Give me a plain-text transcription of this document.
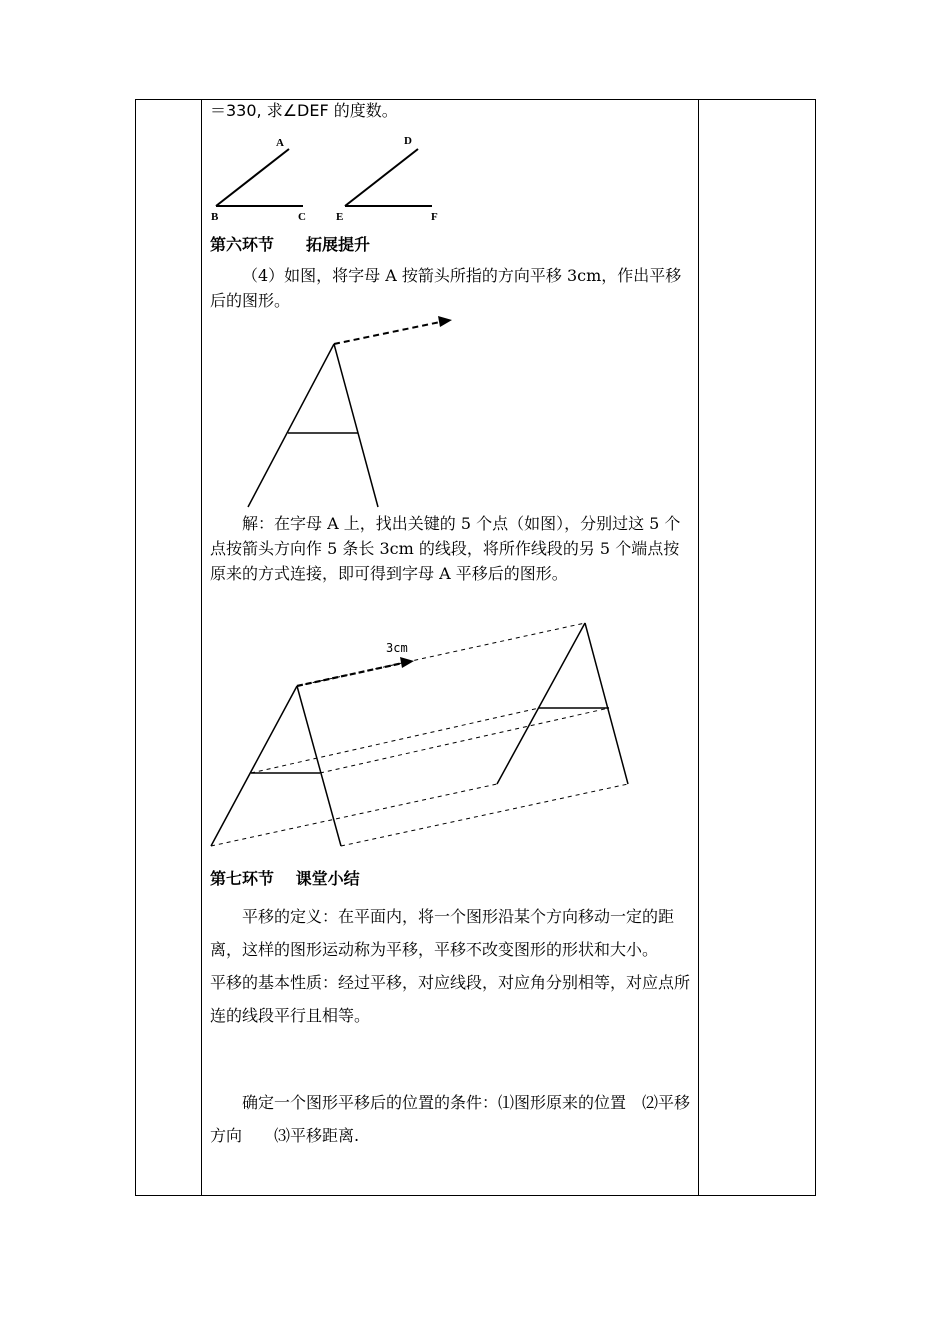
A
B	C
D
E	F
3cm

＝330, 求∠DEF 的度数。

第六环节　　拓展提升

（4）如图，将字母 A 按箭头所指的方向平移 3cm，作出平移后的图形。

解：在字母 A 上，找出关键的 5 个点（如图），分别过这 5 个点按箭头方向作 5 条长 3cm 的线段，将所作线段的另 5 个端点按原来的方式连接，即可得到字母 A 平移后的图形。

第七环节　 课堂小结

平移的定义：在平面内，将一个图形沿某个方向移动一定的距离，这样的图形运动称为平移，平移不改变图形的形状和大小。　　　　　　　平移的基本性质：经过平移，对应线段，对应角分别相等，对应点所连的线段平行且相等。

确定一个图形平移后的位置的条件：⑴图形原来的位置　⑵平移方向　　⑶平移距离.
